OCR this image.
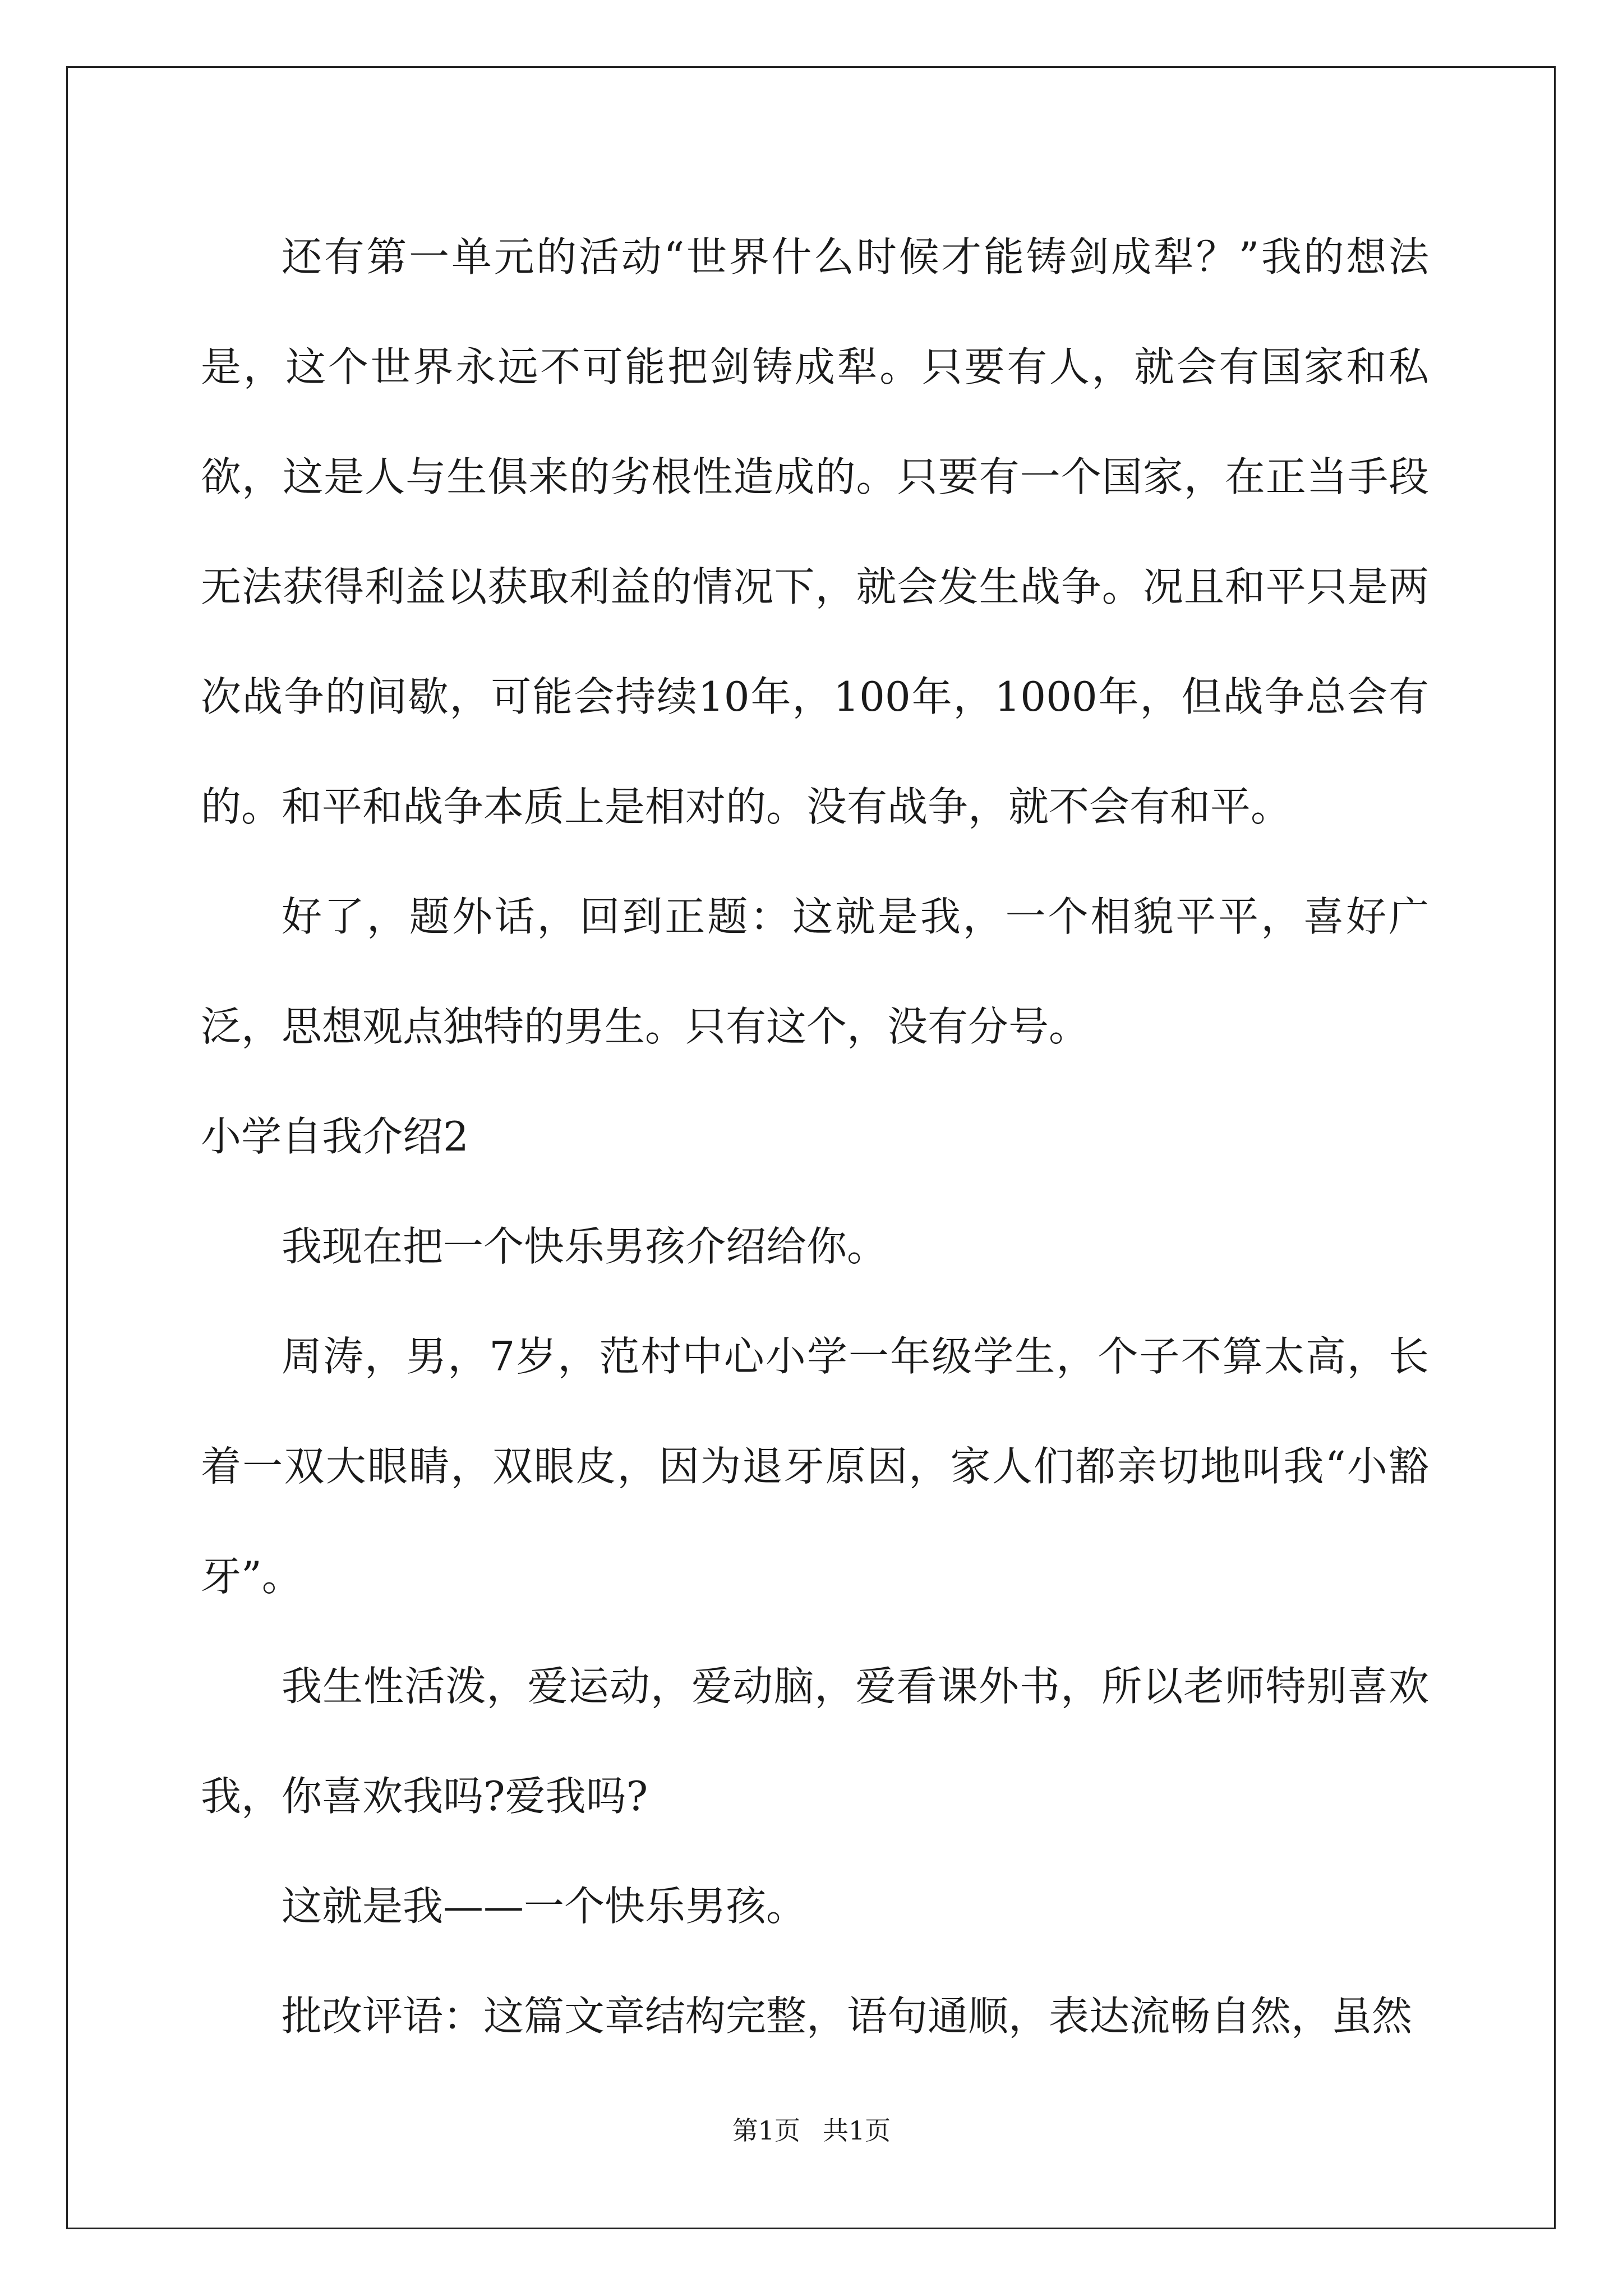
还有第一单元的活动“世界什么时候才能铸剑成犁？”我的想法是，这个世界永远不可能把剑铸成犁。只要有人，就会有国家和私欲，这是人与生俱来的劣根性造成的。只要有一个国家，在正当手段无法获得利益以获取利益的情况下，就会发生战争。况且和平只是两次战争的间歇，可能会持续10年，100年，1000年，但战争总会有的。和平和战争本质上是相对的。没有战争，就不会有和平。

好了，题外话，回到正题：这就是我，一个相貌平平，喜好广泛，思想观点独特的男生。只有这个，没有分号。

小学自我介绍2

我现在把一个快乐男孩介绍给你。

周涛，男，7岁，范村中心小学一年级学生，个子不算太高，长着一双大眼睛，双眼皮，因为退牙原因，家人们都亲切地叫我“小豁牙”。

我生性活泼，爱运动，爱动脑，爱看课外书，所以老师特别喜欢我，你喜欢我吗?爱我吗?

这就是我——一个快乐男孩。

批改评语：这篇文章结构完整，语句通顺，表达流畅自然，虽然

第1页 共1页
